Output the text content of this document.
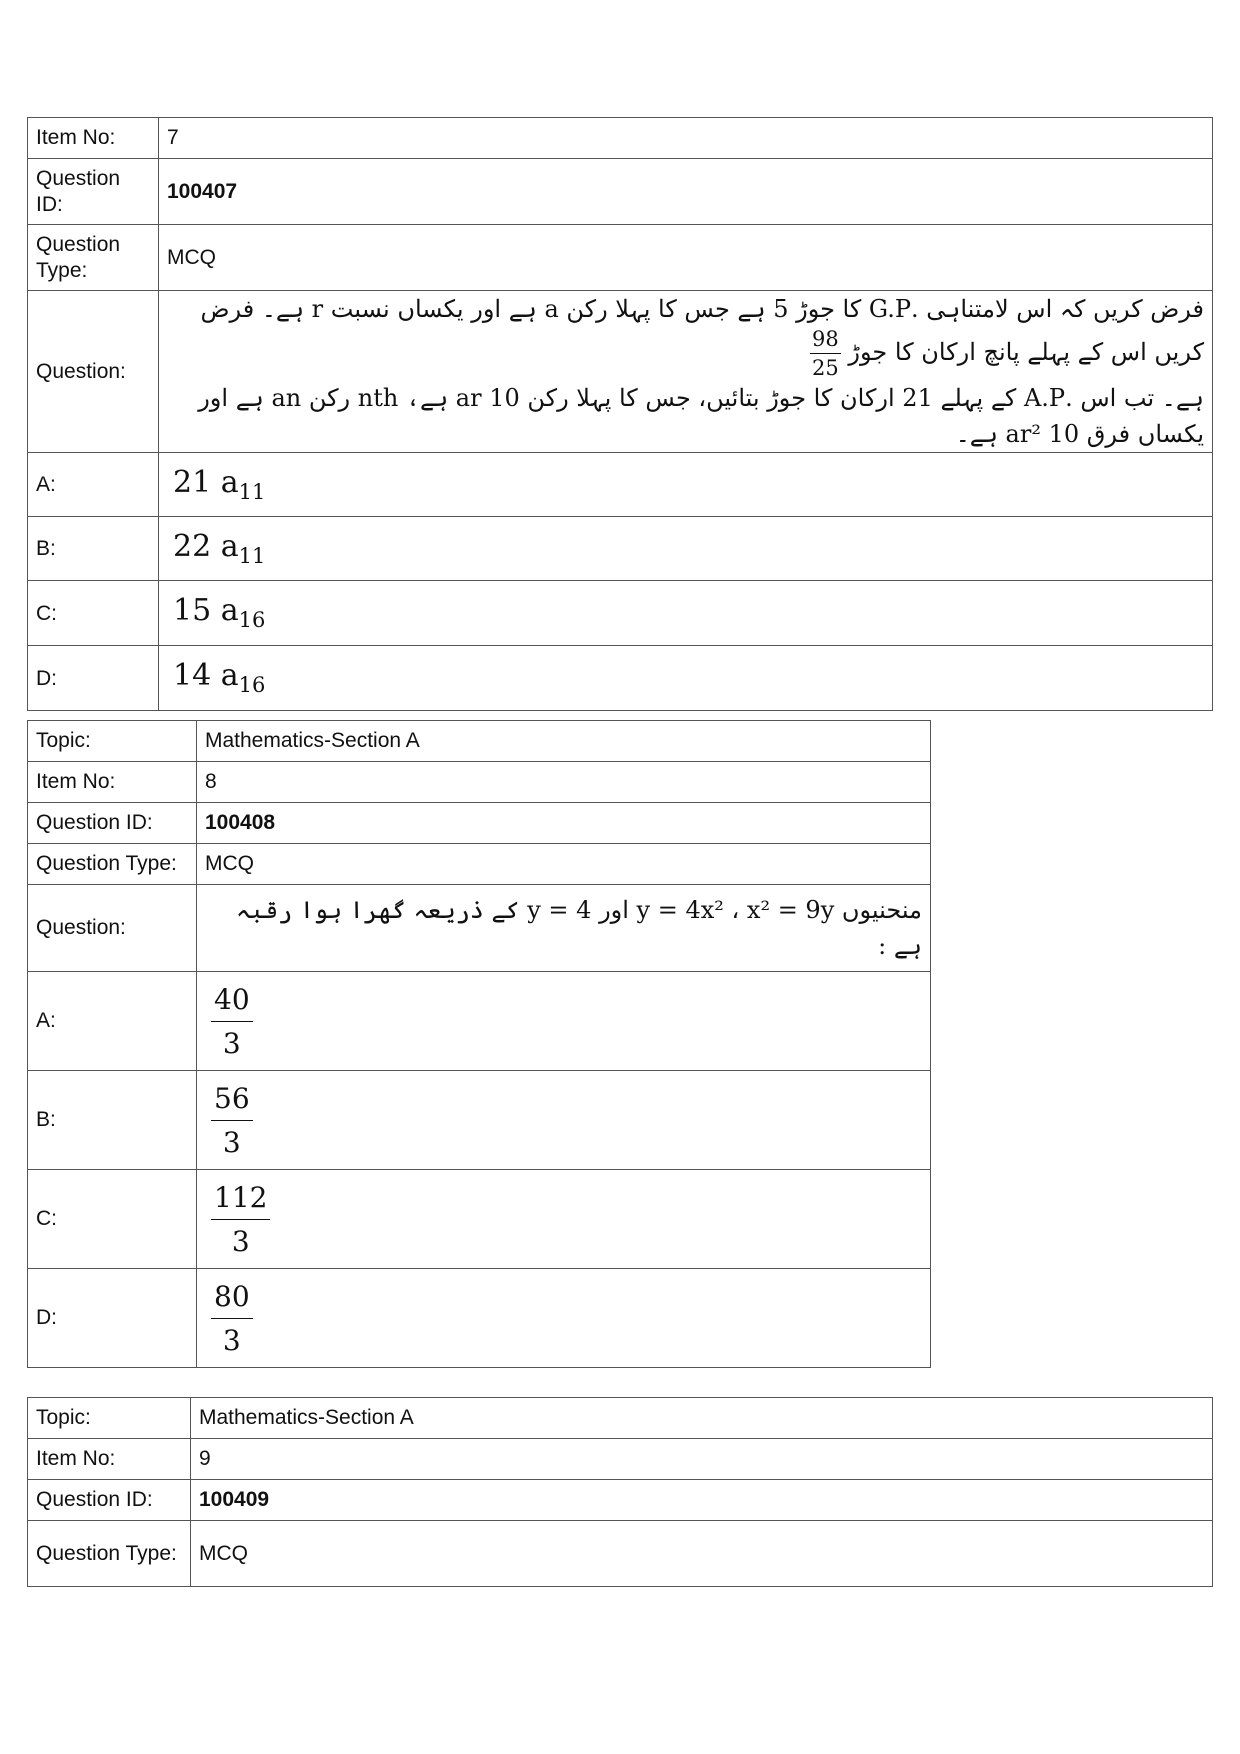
Item No:	7
Question ID:	100407
Question Type:	MCQ
Question:	فرض کریں کہ اس لامتناہی .G.P کا جوڑ 5 ہے جس کا پہلا رکن a ہے اور یکساں نسبت r ہے۔ فرض کریں اس کے پہلے پانچ ارکان کا جوڑ
$\frac{98}{25}$
ہے۔ تب اس .A.P کے پہلے 21 ارکان کا جوڑ بتائیں، جس کا پہلا رکن 10 ar ہے، nth رکن an ہے اور یکساں فرق 10 ar² ہے۔

A:	21 $a_{11}$
B:	22 $a_{11}$
C:	15 $a_{16}$
D:	14 $a_{16}$
Topic:	Mathematics-Section A
Item No:	8
Question ID:	100408
Question Type:	MCQ
Question:	منحنیوں y = 4x² ، x² = 9y اور y = 4 کے ذریعہ گھرا ہوا رقبہ ہے :
A:	$\frac{40}{3}$

B:	$\frac{56}{3}$

C:	$\frac{112}{3}$

D:	$\frac{80}{3}$
Topic:	Mathematics-Section A
Item No:	9
Question ID:	100409
Question Type:	MCQ
